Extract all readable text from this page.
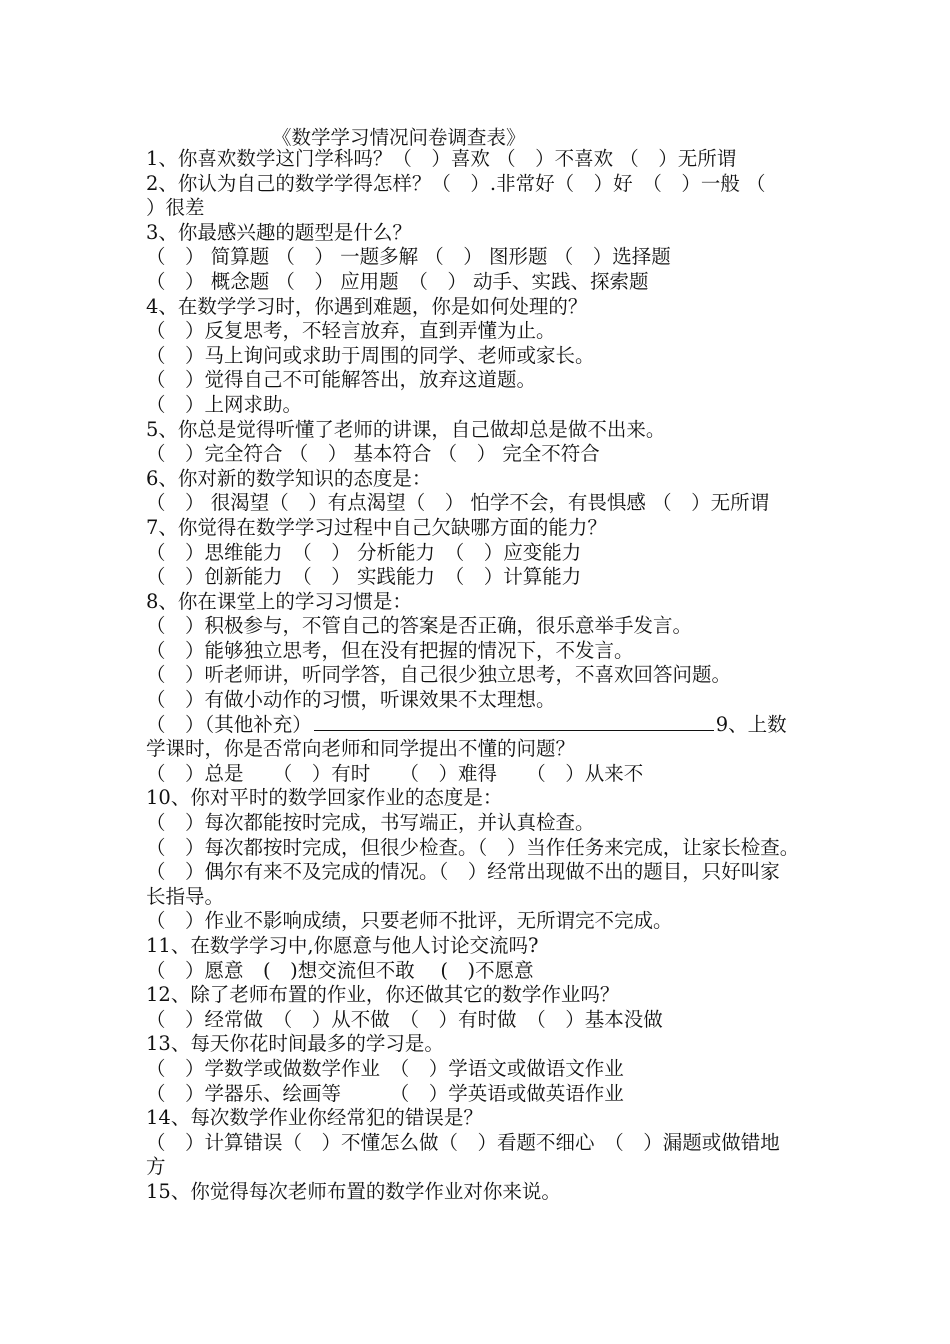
《数学学习情况问卷调查表》
1、你喜欢数学这门学科吗？（　）喜欢 （　）不喜欢 （　）无所谓
2、你认为自己的数学学得怎样？（　）.非常好（　）好　（　）一般 （
）很差
3、你最感兴趣的题型是什么？
（　） 简算题 （　） 一题多解 （　） 图形题 （　）选择题
（　） 概念题 （　） 应用题　（　） 动手、实践、探索题
4、在数学学习时，你遇到难题，你是如何处理的？
（　）反复思考，不轻言放弃，直到弄懂为止。
（　）马上询问或求助于周围的同学、老师或家长。
（　）觉得自己不可能解答出，放弃这道题。
（　）上网求助。
5、你总是觉得听懂了老师的讲课，自己做却总是做不出来。
（　）完全符合 （　） 基本符合 （　） 完全不符合
6、你对新的数学知识的态度是：
（　） 很渴望（　）有点渴望（　） 怕学不会，有畏惧感 （　）无所谓
7、你觉得在数学学习过程中自己欠缺哪方面的能力？
（　）思维能力　（　） 分析能力　（　）应变能力
（　）创新能力　（　） 实践能力　（　）计算能力
8、你在课堂上的学习习惯是：
（　）积极参与，不管自己的答案是否正确，很乐意举手发言。
（　）能够独立思考，但在没有把握的情况下，不发言。
（　）听老师讲，听同学答，自己很少独立思考，不喜欢回答问题。
（　）有做小动作的习惯，听课效果不太理想。
（　）（其他补充）	9、上数
学课时，你是否常向老师和同学提出不懂的问题？
（　）总是　　（　）有时　　（　）难得　　（　）从来不
10、你对平时的数学回家作业的态度是：
（　）每次都能按时完成，书写端正，并认真检查。
（　）每次都按时完成，但很少检查。（　）当作任务来完成，让家长检查。
（　）偶尔有来不及完成的情况。（　）经常出现做不出的题目，只好叫家
长指导。
（　）作业不影响成绩，只要老师不批评，无所谓完不完成。
11、在数学学习中,你愿意与他人讨论交流吗?
（　）愿意　(　)想交流但不敢　 (　)不愿意
12、除了老师布置的作业，你还做其它的数学作业吗？
（　）经常做　（　）从不做　（　）有时做　（　）基本没做
13、每天你花时间最多的学习是。
（　）学数学或做数学作业　（　）学语文或做语文作业
（　）学器乐、绘画等　　　（　）学英语或做英语作业
14、每次数学作业你经常犯的错误是？
（　）计算错误（　）不懂怎么做（　）看题不细心　（　）漏题或做错地
方
15、你觉得每次老师布置的数学作业对你来说。
